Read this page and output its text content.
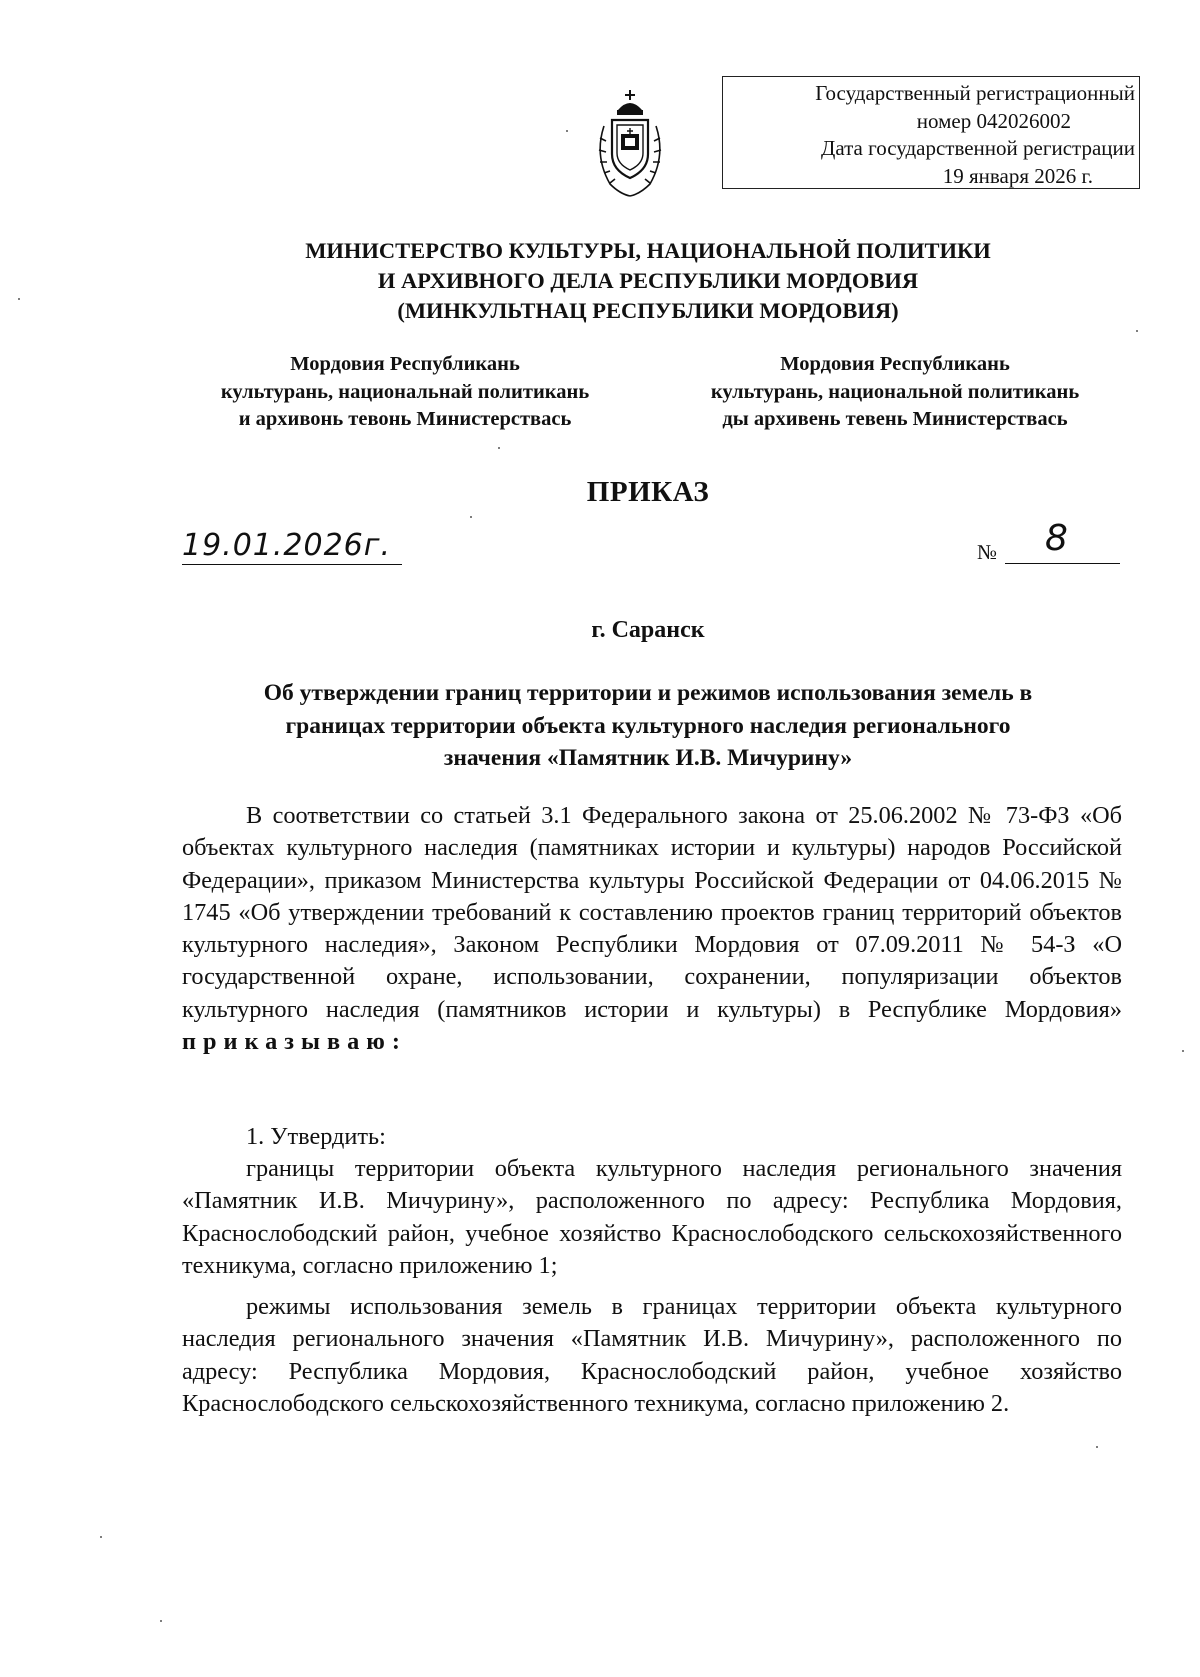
Государственный регистрационный
номер 042026002
Дата государственной регистрации
19 января 2026 г.
МИНИСТЕРСТВО КУЛЬТУРЫ, НАЦИОНАЛЬНОЙ ПОЛИТИКИ
И АРХИВНОГО ДЕЛА РЕСПУБЛИКИ МОРДОВИЯ
(МИНКУЛЬТНАЦ РЕСПУБЛИКИ МОРДОВИЯ)
Мордовия Республикань
культурань, национальнай политикань
и архивонь тевонь Министерствась
Мордовия Республикань
культурань, национальной политикань
ды архивень тевень Министерствась
ПРИКАЗ
19.01.2026г.	№ 8
г. Саранск
Об утверждении границ территории и режимов использования земель в
границах территории объекта культурного наследия регионального
значения «Памятник И.В. Мичурину»
В соответствии со статьей 3.1 Федерального закона от 25.06.2002 № 73-ФЗ «Об объектах культурного наследия (памятниках истории и культуры) народов Российской Федерации», приказом Министерства культуры Российской Федерации от 04.06.2015 № 1745 «Об утверждении требований к составлению проектов границ территорий объектов культурного наследия», Законом Республики Мордовия от 07.09.2011 № 54-З «О государственной охране, использовании, сохранении, популяризации объектов культурного наследия (памятников истории и культуры) в Республике Мордовия» приказываю:
1. Утвердить:
границы территории объекта культурного наследия регионального значения «Памятник И.В. Мичурину», расположенного по адресу: Республика Мордовия, Краснослободский район, учебное хозяйство Краснослободского сельскохозяйственного техникума, согласно приложению 1;
режимы использования земель в границах территории объекта культурного наследия регионального значения «Памятник И.В. Мичурину», расположенного по адресу: Республика Мордовия, Краснослободский район, учебное хозяйство Краснослободского сельскохозяйственного техникума, согласно приложению 2.
